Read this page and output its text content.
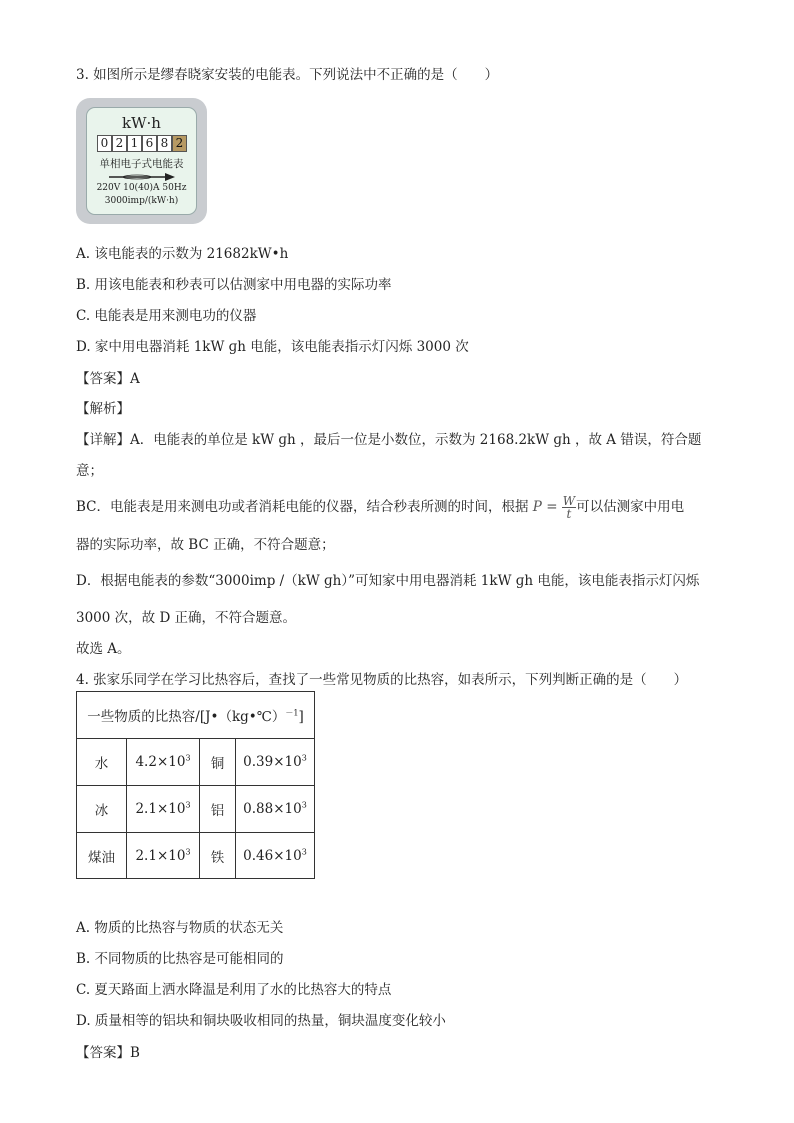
3. 如图所示是缪春晓家安装的电能表。下列说法中不正确的是（　　）
kW·h
0 2 1 6 8 2
单相电子式电能表
220V 10(40)A 50Hz
3000imp/(kW·h)
A. 该电能表的示数为 21682kW•h
B. 用该电能表和秒表可以估测家中用电器的实际功率
C. 电能表是用来测电功的仪器
D. 家中用电器消耗 1kW ɡh 电能，该电能表指示灯闪烁 3000 次
【答案】A
【解析】
【详解】A．电能表的单位是 kW ɡh ，最后一位是小数位，示数为 2168.2kW ɡh ，故 A 错误，符合题
意；
BC．电能表是用来测电功或者消耗电能的仪器，结合秒表所测的时间，根据 $P = \frac{W}{t}$ 可以估测家中用电
器的实际功率，故 BC 正确，不符合题意；
D．根据电能表的参数“3000imp /（kW ɡh）”可知家中用电器消耗 1kW ɡh 电能，该电能表指示灯闪烁
3000 次，故 D 正确，不符合题意。
故选 A。
4. 张家乐同学在学习比热容后，查找了一些常见物质的比热容，如表所示，下列判断正确的是（　　）
一些物质的比热容/[J•（kg•℃）$^{-1}$]			
水	$4.2\times 10^3$	铜	$0.39\times 10^3$
冰	$2.1\times 10^3$	铝	$0.88\times 10^3$
煤油	$2.1\times 10^3$	铁	$0.46\times 10^3$
A. 物质的比热容与物质的状态无关
B. 不同物质的比热容是可能相同的
C. 夏天路面上洒水降温是利用了水的比热容大的特点
D. 质量相等的铝块和铜块吸收相同的热量，铜块温度变化较小
【答案】B
